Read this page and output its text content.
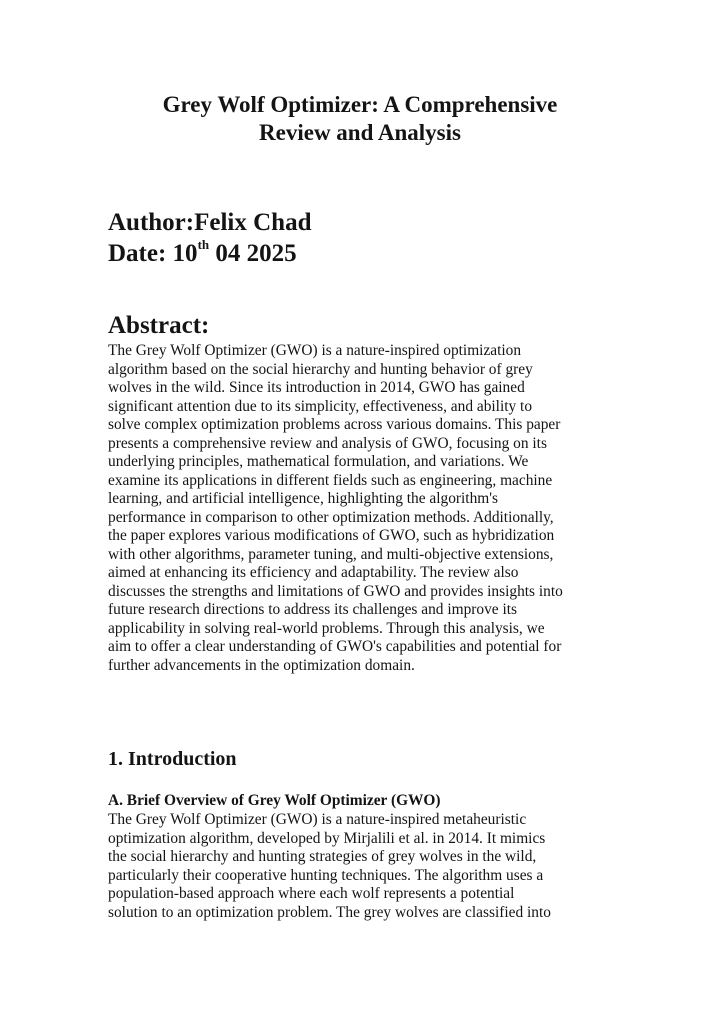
Grey Wolf Optimizer: A Comprehensive
Review and Analysis
Author:Felix Chad
Date: 10th 04 2025
Abstract:

The Grey Wolf Optimizer (GWO) is a nature-inspired optimization
algorithm based on the social hierarchy and hunting behavior of grey
wolves in the wild. Since its introduction in 2014, GWO has gained
significant attention due to its simplicity, effectiveness, and ability to
solve complex optimization problems across various domains. This paper
presents a comprehensive review and analysis of GWO, focusing on its
underlying principles, mathematical formulation, and variations. We
examine its applications in different fields such as engineering, machine
learning, and artificial intelligence, highlighting the algorithm's
performance in comparison to other optimization methods. Additionally,
the paper explores various modifications of GWO, such as hybridization
with other algorithms, parameter tuning, and multi-objective extensions,
aimed at enhancing its efficiency and adaptability. The review also
discusses the strengths and limitations of GWO and provides insights into
future research directions to address its challenges and improve its
applicability in solving real-world problems. Through this analysis, we
aim to offer a clear understanding of GWO's capabilities and potential for
further advancements in the optimization domain.

1. Introduction
A. Brief Overview of Grey Wolf Optimizer (GWO)

The Grey Wolf Optimizer (GWO) is a nature-inspired metaheuristic
optimization algorithm, developed by Mirjalili et al. in 2014. It mimics
the social hierarchy and hunting strategies of grey wolves in the wild,
particularly their cooperative hunting techniques. The algorithm uses a
population-based approach where each wolf represents a potential
solution to an optimization problem. The grey wolves are classified into
